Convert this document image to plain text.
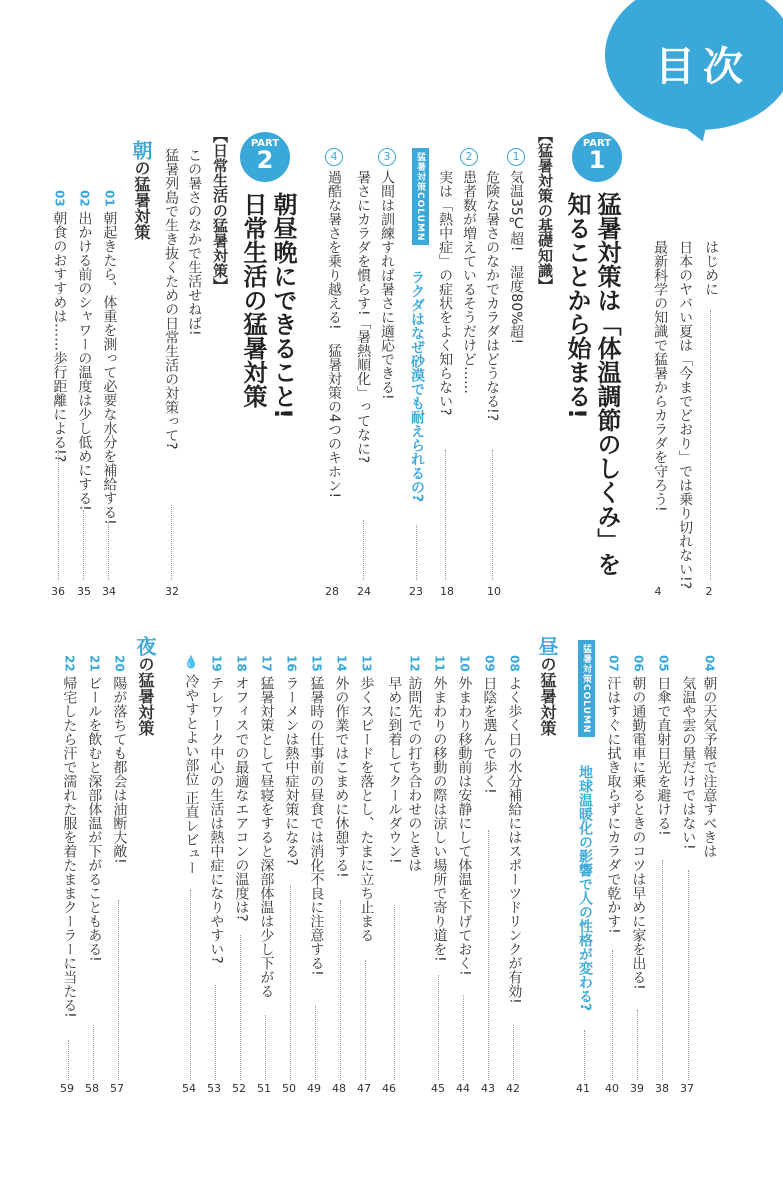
目次
はじめに
2
日本のヤバい夏は「今までどおり」では乗り切れない!?
最新科学の知識で猛暑からカラダを守ろう!
4
PART
1
猛暑対策は「体温調節のしくみ」を
知ることから始まる!
【猛暑対策の基礎知識】
1気温35℃超!　湿度80%超!
危険な暑さのなかでカラダはどうなる!?
10
2患者数が増えているそうだけど……
実は「熱中症」の症状をよく知らない?
18
猛暑対策COLUMN
ラクダはなぜ砂漠でも耐えられるの?
23
3人間は訓練すれば暑さに適応できる!
暑さにカラダを慣らす!「暑熱順化」ってなに?
24
4過酷な暑さを乗り越える!　猛暑対策の4つのキホン!
28
PART
2
朝昼晩にできること!
日常生活の猛暑対策
【日常生活の猛暑対策】
この暑さのなかで生活せねば!
猛暑列島で生き抜くための日常生活の対策って?
32
朝の猛暑対策
01 朝起きたら、体重を測って必要な水分を補給する!
34
02 出かける前のシャワーの温度は少し低めにする!
35
03 朝食のおすすめは……歩行距離による!?
36
04 朝の天気予報で注意すべきは
気温や雲の量だけではない!
37
05 日傘で直射日光を避ける!
38
06 朝の通勤電車に乗るときのコツは早めに家を出る!
39
07 汗はすぐに拭き取らずにカラダで乾かす!
40
猛暑対策COLUMN
地球温暖化の影響で人の性格が変わる?
41
昼の猛暑対策
08 よく歩く日の水分補給にはスポーツドリンクが有効!
42
09 日陰を選んで歩く!
43
10 外まわり移動前は安静にして体温を下げておく!
44
11 外まわりの移動の際は涼しい場所で寄り道を!
45
12 訪問先での打ち合わせのときは
早めに到着してクールダウン!
46
13 歩くスピードを落とし、たまに立ち止まる
47
14 外の作業ではこまめに休憩する!
48
15 猛暑時の仕事前の昼食では消化不良に注意する!
49
16 ラーメンは熱中症対策になる?
50
17 猛暑対策として昼寝をすると深部体温は少し下がる
51
18 オフィスでの最適なエアコンの温度は?
52
19 テレワーク中心の生活は熱中症になりやすい?
53
💧 冷やすとよい部位 正直レビュー
54
夜の猛暑対策
20 陽が落ちても都会は油断大敵!
57
21 ビールを飲むと深部体温が下がることもある!
58
22 帰宅したら汗で濡れた服を着たままクーラーに当たる!
59
